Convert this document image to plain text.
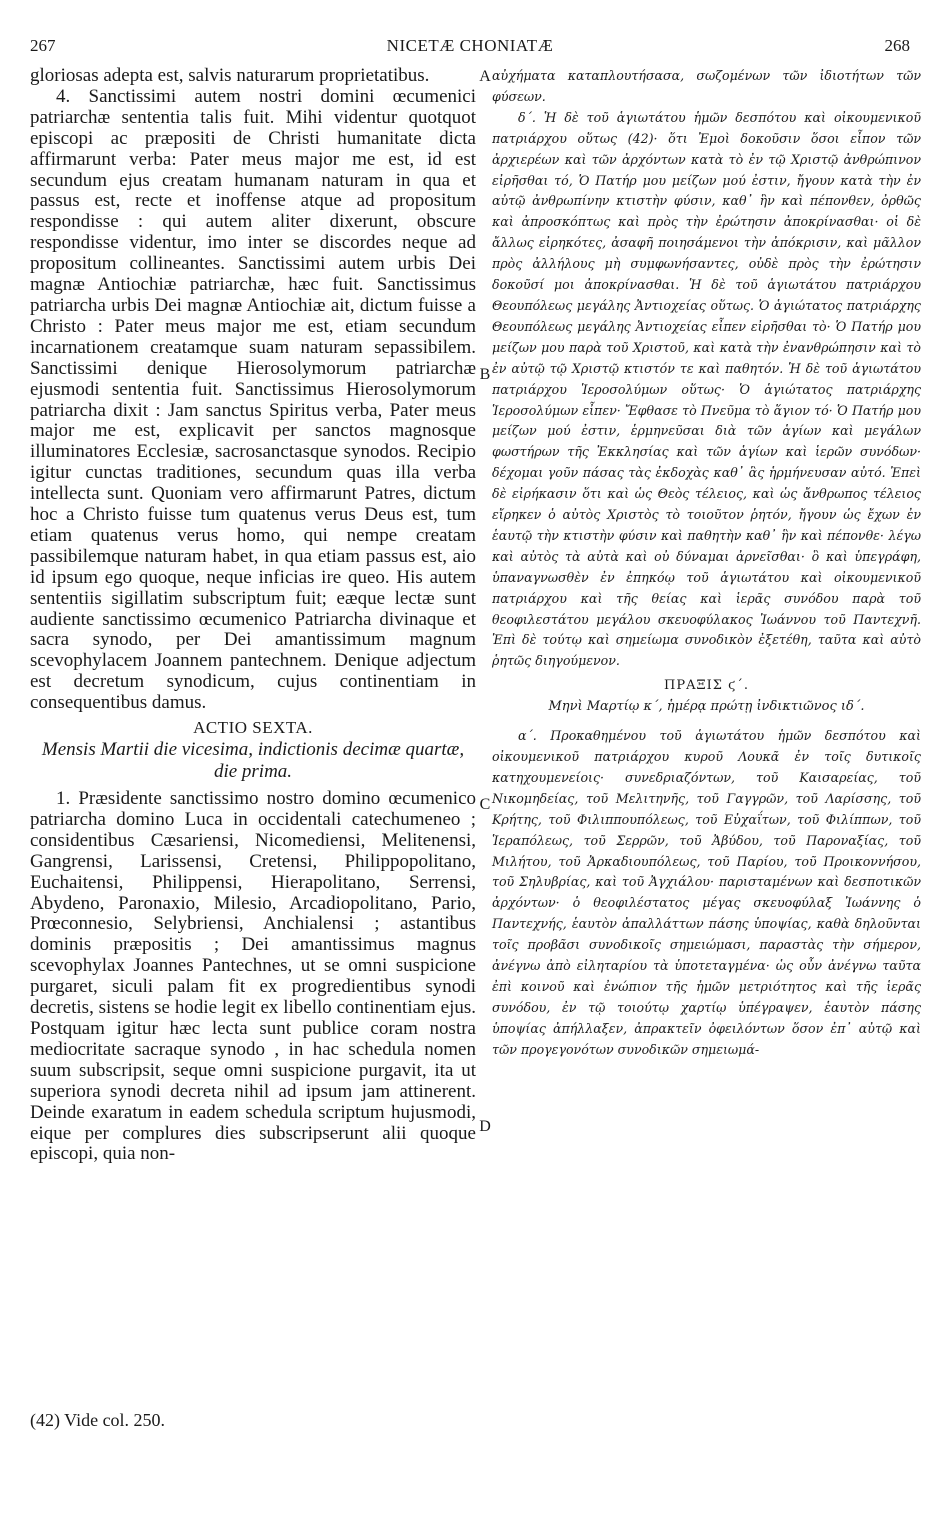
267	NICETÆ CHONIATÆ	268

gloriosas adepta est, salvis naturarum proprietatibus.

4. Sanctissimi autem nostri domini œcumenici patriarchæ sententia talis fuit. Mihi videntur quotquot episcopi ac præpositi de Christi humanitate dicta affirmarunt verba: Pater meus major me est, id est secundum ejus creatam humanam naturam in qua et passus est, recte et inoffense atque ad propositum respondisse : qui autem aliter dixerunt, obscure respondisse videntur, imo inter se discordes neque ad propositum collineantes. Sanctissimi autem urbis Dei magnæ Antiochiæ patriarchæ, hæc fuit. Sanctissimus patriarcha urbis Dei magnæ Antiochiæ ait, dictum fuisse a Christo : Pater meus major me est, etiam secundum incarnationem creatamque suam naturam sepassibilem. Sanctissimi denique Hierosolymorum patriarchæ ejusmodi sententia fuit. Sanctissimus Hierosolymorum patriarcha dixit : Jam sanctus Spiritus verba, Pater meus major me est, explicavit per sanctos magnosque illuminatores Ecclesiæ, sacrosanctasque synodos. Recipio igitur cunctas traditiones, secundum quas illa verba intellecta sunt. Quoniam vero affirmarunt Patres, dictum hoc a Christo fuisse tum quatenus verus Deus est, tum etiam quatenus verus homo, qui nempe creatam passibilemque naturam habet, in qua etiam passus est, aio id ipsum ego quoque, neque inficias ire queo. His autem sententiis sigillatim subscriptum fuit; eæque lectæ sunt audiente sanctissimo œcumenico Patriarcha divinaque et sacra synodo, per Dei amantissimum magnum scevophylacem Joannem pantechnem. Denique adjectum est decretum synodicum, cujus continentiam in consequentibus damus.

ACTIO SEXTA.

Mensis Martii die vicesima, indictionis decimæ quartæ, die prima.

1. Præsidente sanctissimo nostro domino œcumenico patriarcha domino Luca in occidentali catechumeneo ; considentibus Cæsariensi, Nicomediensi, Melitenensi, Gangrensi, Larissensi, Cretensi, Philippopolitano, Euchaitensi, Philippensi, Hierapolitano, Serrensi, Abydeno, Paronaxio, Milesio, Arcadiopolitano, Pario, Prœconnesio, Selybriensi, Anchialensi ; astantibus dominis præpositis ; Dei amantissimus magnus scevophylax Joannes Pantechnes, ut se omni suspicione purgaret, siculi palam fit ex progredientibus synodi decretis, sistens se hodie legit ex libello continentiam ejus. Postquam igitur hæc lecta sunt publice coram nostra mediocritate sacraque synodo , in hac schedula nomen suum subscripsit, seque omni suspicione purgavit, ita ut superiora synodi decreta nihil ad ipsum jam attinerent. Deinde exaratum in eadem schedula scriptum hujusmodi, eique per complures dies subscripserunt alii quoque episcopi, quia non-

αὐχήματα καταπλουτήσασα, σωζομένων τῶν ἰδιοτήτων τῶν φύσεων.

δ΄. Ἡ δὲ τοῦ ἁγιωτάτου ἡμῶν δεσπότου καὶ οἰκουμενικοῦ πατριάρχου οὕτως (42)· ὅτι Ἐμοὶ δοκοῦσιν ὅσοι εἶπον τῶν ἀρχιερέων καὶ τῶν ἀρχόντων κατὰ τὸ ἐν τῷ Χριστῷ ἀνθρώπινον εἰρῆσθαι τό, Ὁ Πατήρ μου μείζων μού ἐστιν, ἤγουν κατὰ τὴν ἐν αὐτῷ ἀνθρωπίνην κτιστὴν φύσιν, καθ᾽ ἣν καὶ πέπονθεν, ὀρθῶς καὶ ἀπροσκόπτως καὶ πρὸς τὴν ἐρώτησιν ἀποκρίνασθαι· οἱ δὲ ἄλλως εἰρηκότες, ἀσαφῆ ποιησάμενοι τὴν ἀπόκρισιν, καὶ μᾶλλον πρὸς ἀλλήλους μὴ συμφωνήσαντες, οὐδὲ πρὸς τὴν ἐρώτησιν δοκοῦσί μοι ἀποκρίνασθαι. Ἡ δὲ τοῦ ἁγιωτάτου πατριάρχου Θεουπόλεως μεγάλης Ἀντιοχείας οὕτως. Ὁ ἁγιώτατος πατριάρχης Θεουπόλεως μεγάλης Ἀντιοχείας εἶπεν εἰρῆσθαι τὸ· Ὁ Πατήρ μου μείζων μου παρὰ τοῦ Χριστοῦ, καὶ κατὰ τὴν ἐνανθρώπησιν καὶ τὸ ἐν αὐτῷ τῷ Χριστῷ κτιστόν τε καὶ παθητόν. Ἡ δὲ τοῦ ἁγιωτάτου πατριάρχου Ἱεροσολύμων οὕτως· Ὁ ἁγιώτατος πατριάρχης Ἱεροσολύμων εἶπεν· Ἔφθασε τὸ Πνεῦμα τὸ ἅγιον τό· Ὁ Πατήρ μου μείζων μού ἐστιν, ἑρμηνεῦσαι διὰ τῶν ἁγίων καὶ μεγάλων φωστήρων τῆς Ἐκκλησίας καὶ τῶν ἁγίων καὶ ἱερῶν συνόδων· δέχομαι γοῦν πάσας τὰς ἐκδοχὰς καθ᾽ ἃς ἡρμήνευσαν αὐτό. Ἐπεὶ δὲ εἰρήκασιν ὅτι καὶ ὡς Θεὸς τέλειος, καὶ ὡς ἄνθρωπος τέλειος εἴρηκεν ὁ αὐτὸς Χριστὸς τὸ τοιοῦτον ῥητόν, ἤγουν ὡς ἔχων ἐν ἑαυτῷ τὴν κτιστὴν φύσιν καὶ παθητὴν καθ᾽ ἣν καὶ πέπονθε· λέγω καὶ αὐτὸς τὰ αὐτὰ καὶ οὐ δύναμαι ἀρνεῖσθαι· ὃ καὶ ὑπεγράφη, ὑπαναγνωσθὲν ἐν ἐπηκόῳ τοῦ ἁγιωτάτου καὶ οἰκουμενικοῦ πατριάρχου καὶ τῆς θείας καὶ ἱερᾶς συνόδου παρὰ τοῦ θεοφιλεστάτου μεγάλου σκευοφύλακος Ἰωάννου τοῦ Παντεχνῆ. Ἐπὶ δὲ τούτῳ καὶ σημείωμα συνοδικὸν ἐξετέθη, ταῦτα καὶ αὐτὸ ῥητῶς διηγούμενον.

ΠΡΑΞΙΣ ϛ΄.

Μηνὶ Μαρτίῳ κ΄, ἡμέρᾳ πρώτῃ ἰνδικτιῶνος ιδ΄.

α΄. Προκαθημένου τοῦ ἁγιωτάτου ἡμῶν δεσπότου καὶ οἰκουμενικοῦ πατριάρχου κυροῦ Λουκᾶ ἐν τοῖς δυτικοῖς κατηχουμενείοις· συνεδριαζόντων, τοῦ Καισαρείας, τοῦ Νικομηδείας, τοῦ Μελιτηνῆς, τοῦ Γαγγρῶν, τοῦ Λαρίσσης, τοῦ Κρήτης, τοῦ Φιλιππουπόλεως, τοῦ Εὐχαΐτων, τοῦ Φιλίππων, τοῦ Ἱεραπόλεως, τοῦ Σερρῶν, τοῦ Ἀβύδου, τοῦ Παροναξίας, τοῦ Μιλήτου, τοῦ Ἀρκαδιουπόλεως, τοῦ Παρίου, τοῦ Προικοννήσου, τοῦ Σηλυβρίας, καὶ τοῦ Ἀγχιάλου· παρισταμένων καὶ δεσποτικῶν ἀρχόντων· ὁ θεοφιλέστατος μέγας σκευοφύλαξ Ἰωάννης ὁ Παντεχνής, ἑαυτὸν ἀπαλλάττων πάσης ὑποψίας, καθὰ δηλοῦνται τοῖς προβᾶσι συνοδικοῖς σημειώμασι, παραστὰς τὴν σήμερον, ἀνέγνω ἀπὸ εἰληταρίου τὰ ὑποτεταγμένα· ὡς οὖν ἀνέγνω ταῦτα ἐπὶ κοινοῦ καὶ ἐνώπιον τῆς ἡμῶν μετριότητος καὶ τῆς ἱερᾶς συνόδου, ἐν τῷ τοιούτῳ χαρτίῳ ὑπέγραψεν, ἑαυτὸν πάσης ὑποψίας ἀπήλλαξεν, ἀπρακτεῖν ὀφειλόντων ὅσον ἐπ᾽ αὐτῷ καὶ τῶν προγεγονότων συνοδικῶν σημειωμά-

A
B
C
D
(42) Vide col. 250.
